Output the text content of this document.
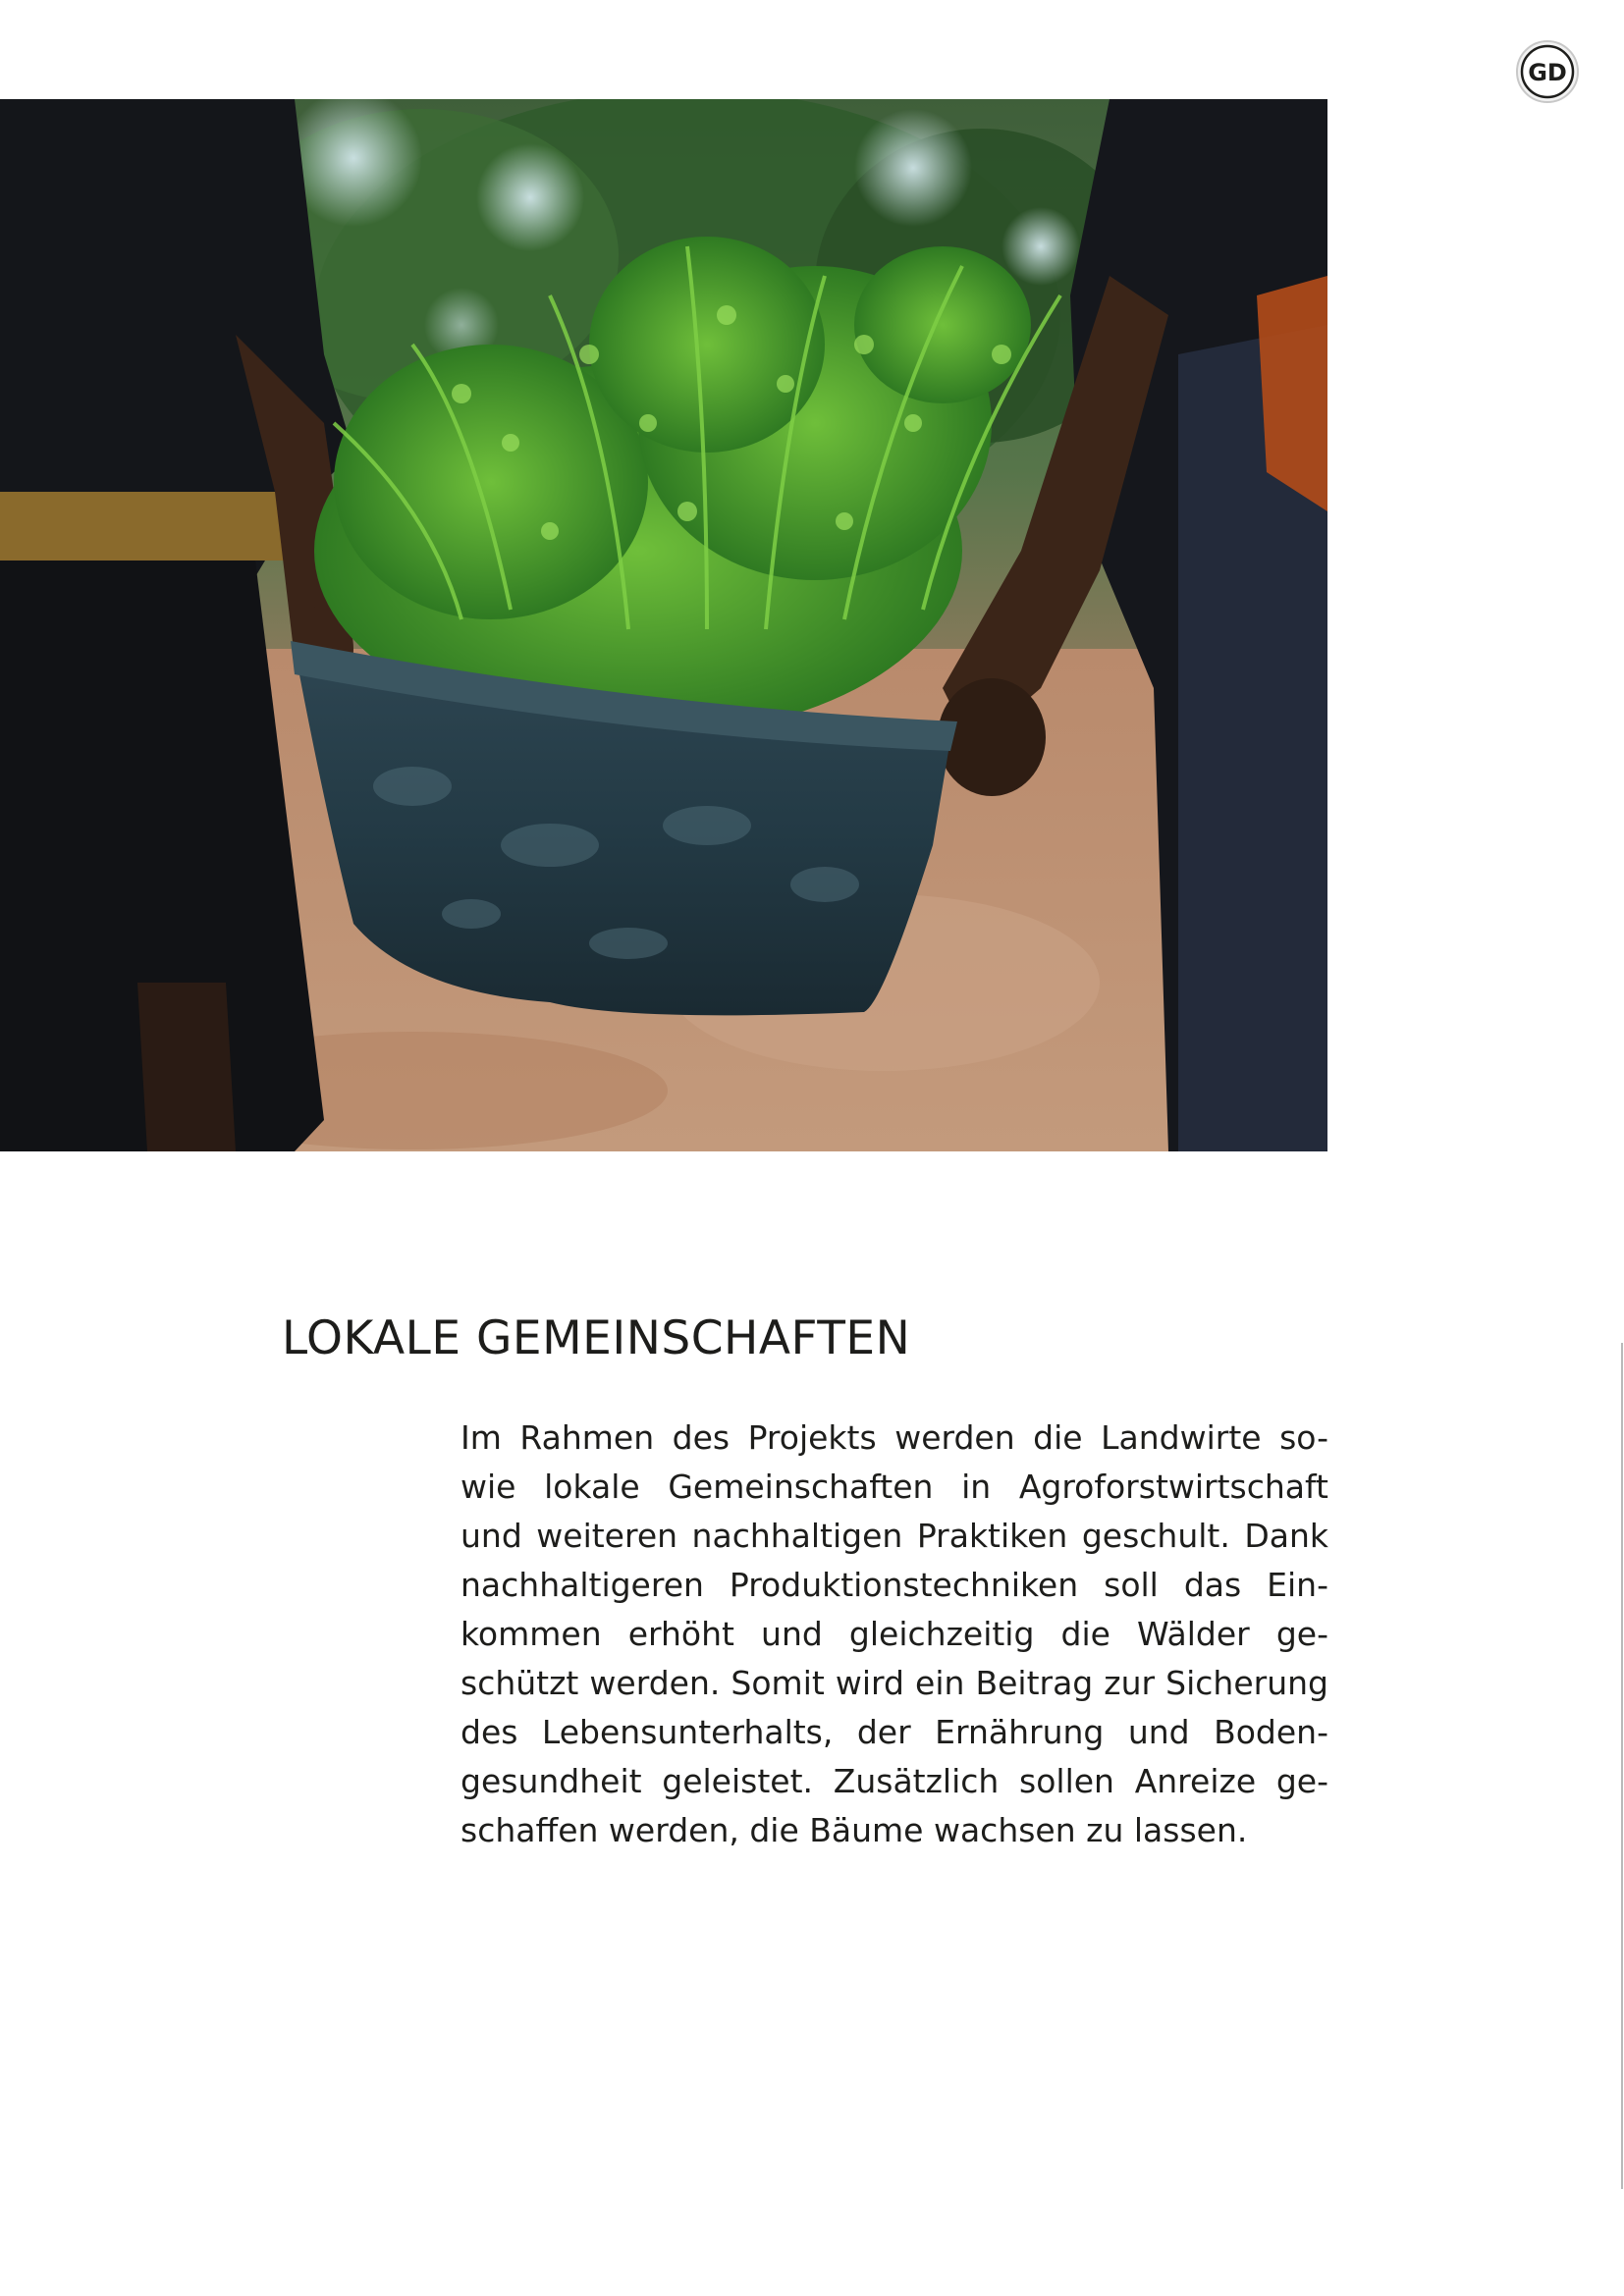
GD
LOKALE GEMEINSCHAFTEN
Im Rahmen des Projekts werden die Landwirte so-
wie lokale Gemeinschaften in Agroforstwirtschaft
und weiteren nachhaltigen Praktiken geschult. Dank
nachhaltigeren Produktionstechniken soll das Ein-
kommen erhöht und gleichzeitig die Wälder ge-
schützt werden. Somit wird ein Beitrag zur Sicherung
des Lebensunterhalts, der Ernährung und Boden-
gesundheit geleistet. Zusätzlich sollen Anreize ge-
schaffen werden, die Bäume wachsen zu lassen.
